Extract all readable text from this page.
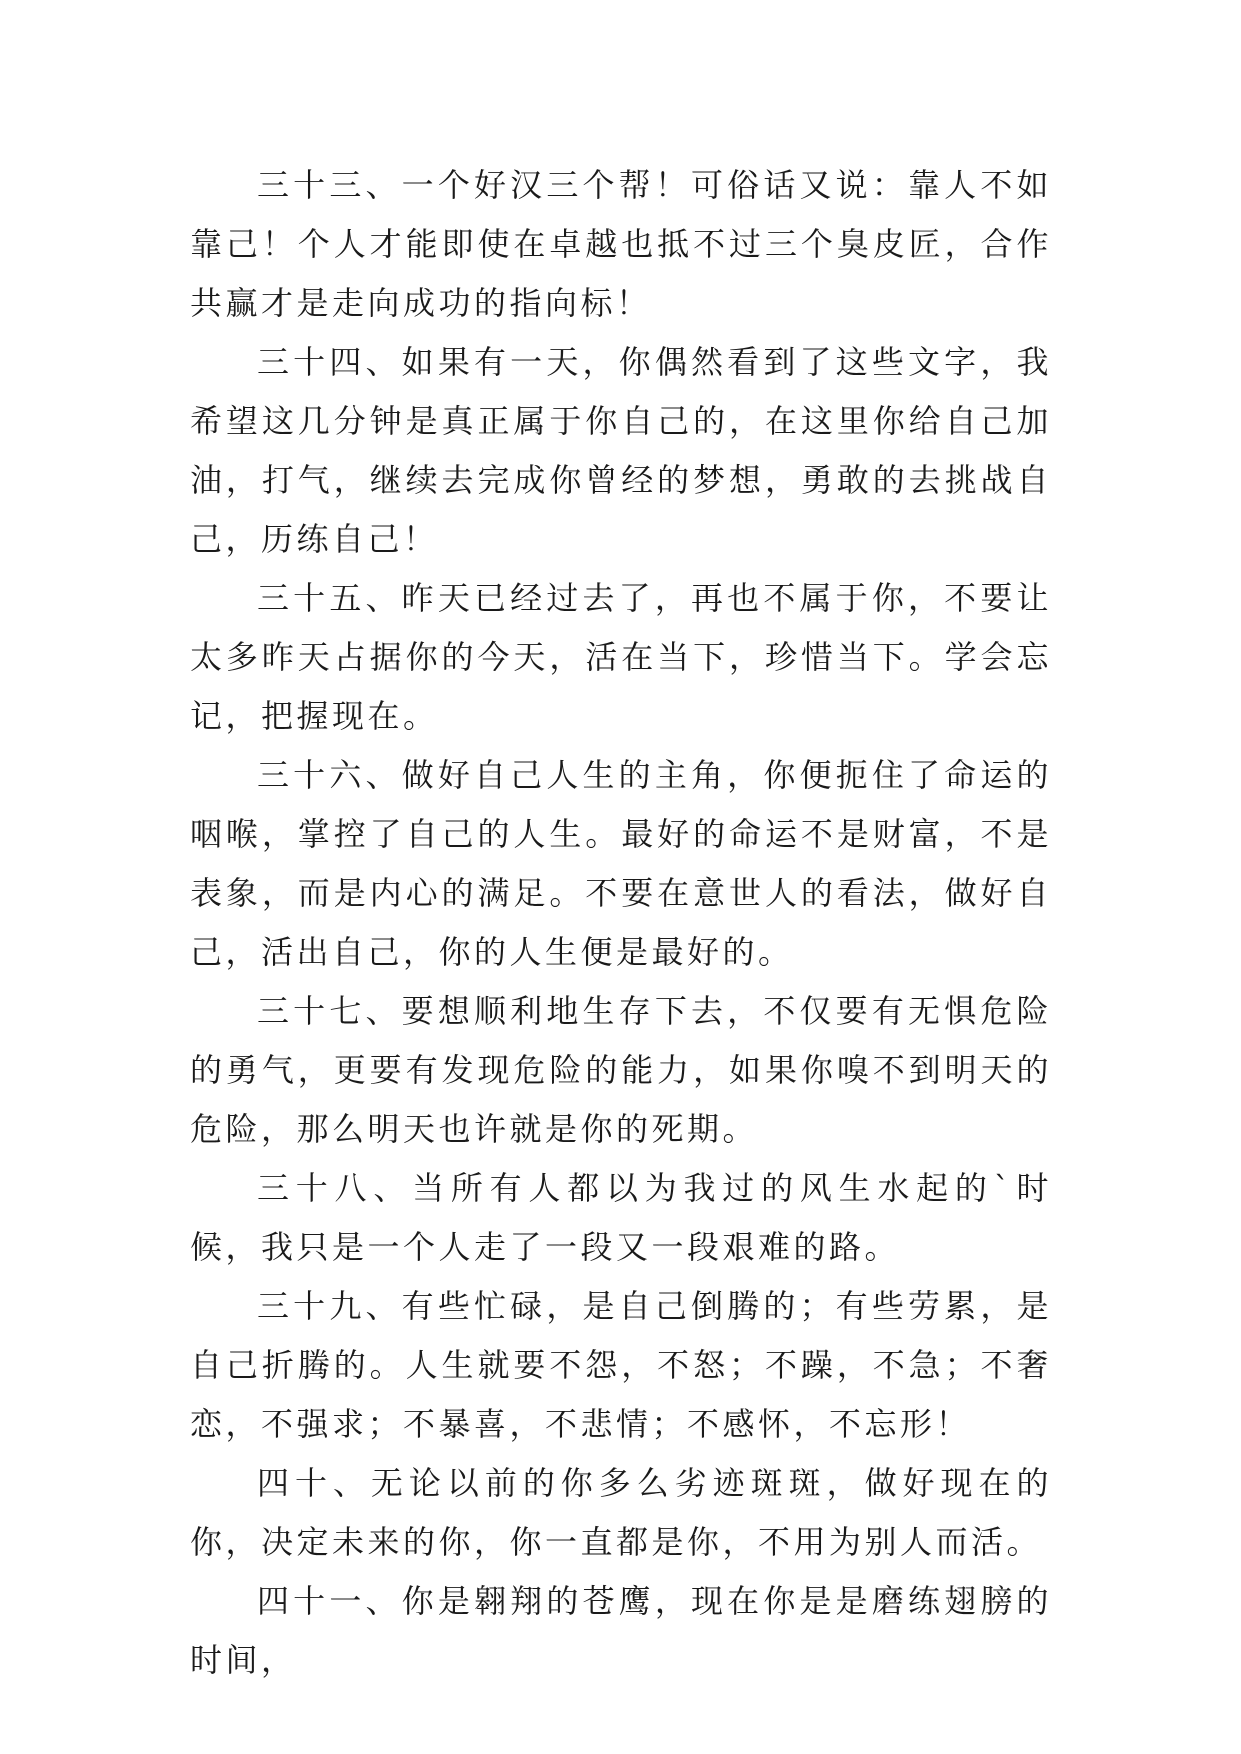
三十三、一个好汉三个帮！可俗话又说：靠人不如靠己！个人才能即使在卓越也抵不过三个臭皮匠，合作共赢才是走向成功的指向标！

三十四、如果有一天，你偶然看到了这些文字，我希望这几分钟是真正属于你自己的，在这里你给自己加油，打气，继续去完成你曾经的梦想，勇敢的去挑战自己，历练自己！

三十五、昨天已经过去了，再也不属于你，不要让太多昨天占据你的今天，活在当下，珍惜当下。学会忘记，把握现在。

三十六、做好自己人生的主角，你便扼住了命运的咽喉，掌控了自己的人生。最好的命运不是财富，不是表象，而是内心的满足。不要在意世人的看法，做好自己，活出自己，你的人生便是最好的。

三十七、要想顺利地生存下去，不仅要有无惧危险的勇气，更要有发现危险的能力，如果你嗅不到明天的危险，那么明天也许就是你的死期。

三十八、当所有人都以为我过的风生水起的`时候，我只是一个人走了一段又一段艰难的路。

三十九、有些忙碌，是自己倒腾的；有些劳累，是自己折腾的。人生就要不怨，不怒；不躁，不急；不奢恋，不强求；不暴喜，不悲情；不感怀，不忘形！

四十、无论以前的你多么劣迹斑斑，做好现在的你，决定未来的你，你一直都是你，不用为别人而活。

四十一、你是翱翔的苍鹰，现在你是是磨练翅膀的时间，
